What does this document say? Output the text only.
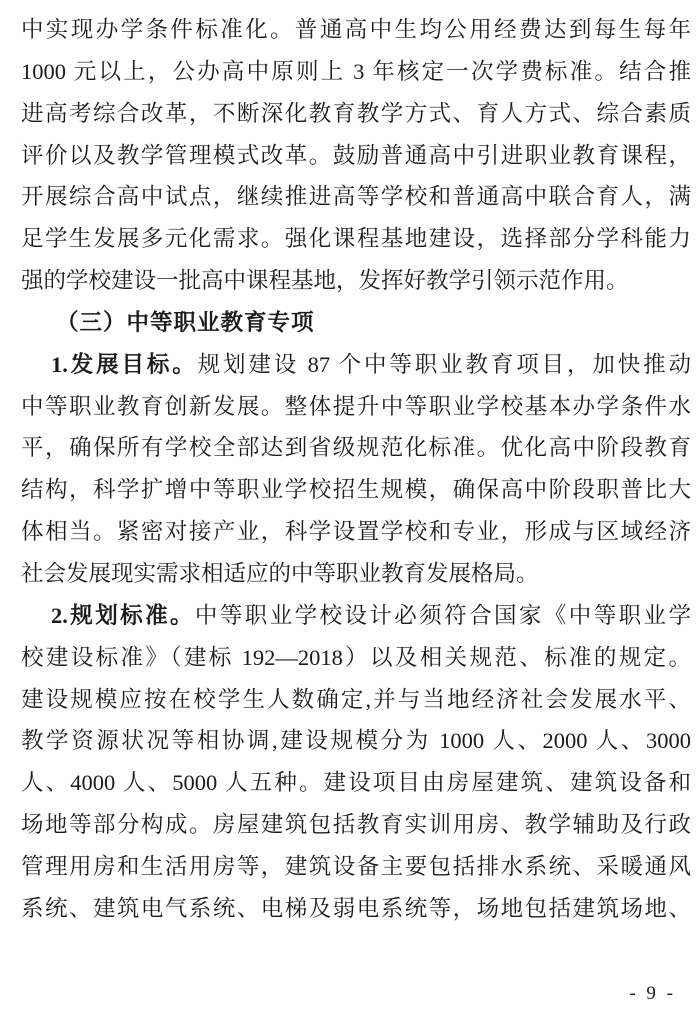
中实现办学条件标准化。普通高中生均公用经费达到每生每年
1000 元以上，公办高中原则上 3 年核定一次学费标准。结合推
进高考综合改革，不断深化教育教学方式、育人方式、综合素质
评价以及教学管理模式改革。鼓励普通高中引进职业教育课程，
开展综合高中试点，继续推进高等学校和普通高中联合育人，满
足学生发展多元化需求。强化课程基地建设，选择部分学科能力
强的学校建设一批高中课程基地，发挥好教学引领示范作用。
（三）中等职业教育专项
1.发展目标。规划建设 87 个中等职业教育项目，加快推动
中等职业教育创新发展。整体提升中等职业学校基本办学条件水
平，确保所有学校全部达到省级规范化标准。优化高中阶段教育
结构，科学扩增中等职业学校招生规模，确保高中阶段职普比大
体相当。紧密对接产业，科学设置学校和专业，形成与区域经济
社会发展现实需求相适应的中等职业教育发展格局。
2.规划标准。中等职业学校设计必须符合国家《中等职业学
校建设标准》（建标 192—2018）以及相关规范、标准的规定。
建设规模应按在校学生人数确定,并与当地经济社会发展水平、
教学资源状况等相协调,建设规模分为 1000 人、2000 人、3000
人、4000 人、5000 人五种。建设项目由房屋建筑、建筑设备和
场地等部分构成。房屋建筑包括教育实训用房、教学辅助及行政
管理用房和生活用房等，建筑设备主要包括排水系统、采暖通风
系统、建筑电气系统、电梯及弱电系统等，场地包括建筑场地、
- 9 -
